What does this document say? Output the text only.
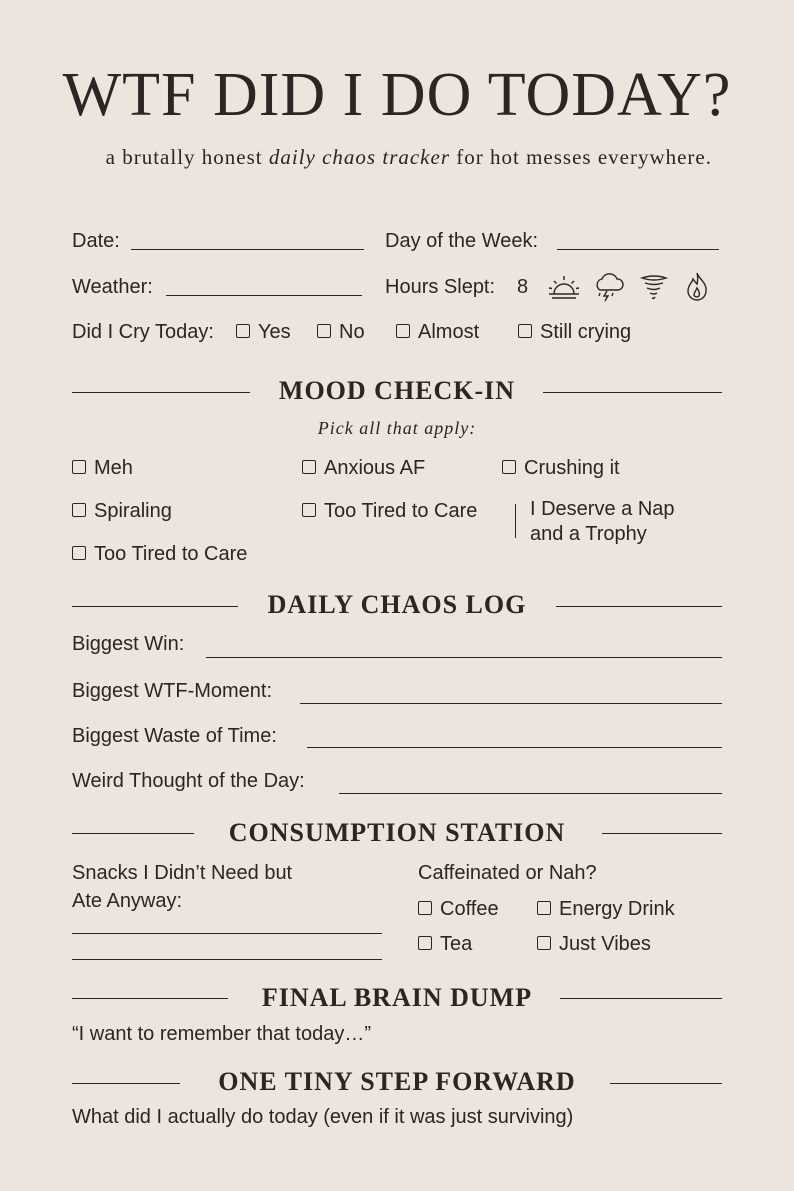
WTF DID I DO TODAY?
a brutally honest daily chaos tracker for hot messes everywhere.
Date:	Day of the Week:
Weather:	Hours Slept: 8
Did I Cry Today:	Yes	No	Almost	Still crying
MOOD CHECK-IN
Pick all that apply:
Meh	Anxious AF	Crushing it
Spiraling	Too Tired to Care	I Deserve a Nap
and a Trophy
Too Tired to Care
DAILY CHAOS LOG
Biggest Win:
Biggest WTF-Moment:
Biggest Waste of Time:
Weird Thought of the Day:
CONSUMPTION STATION
Snacks I Didn’t Need but
Ate Anyway:
Caffeinated or Nah?
Coffee	Energy Drink
Tea	Just Vibes
FINAL BRAIN DUMP
“I want to remember that today…”
ONE TINY STEP FORWARD
What did I actually do today (even if it was just surviving)
